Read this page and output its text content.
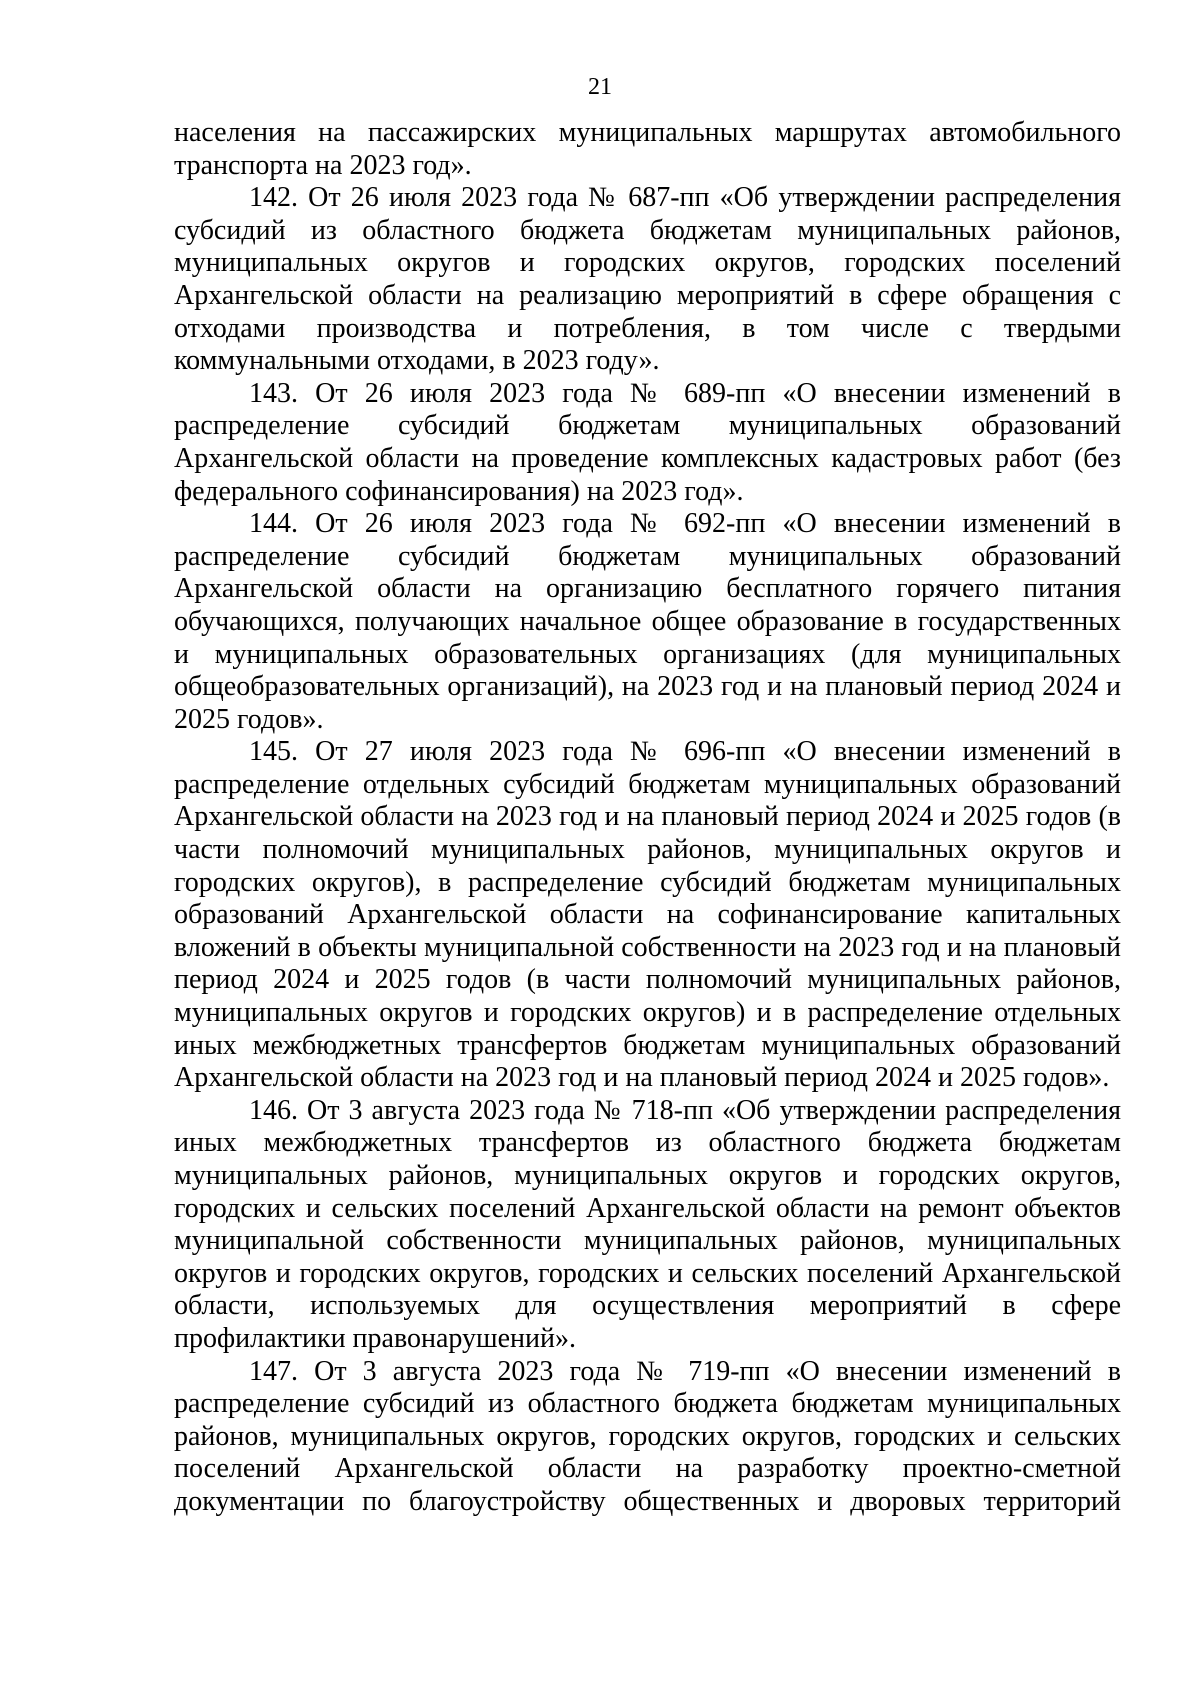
21

населения на пассажирских муниципальных маршрутах автомобильного транспорта на 2023 год».

142. От 26 июля 2023 года № 687-пп «Об утверждении распределения субсидий из областного бюджета бюджетам муниципальных районов, муниципальных округов и городских округов, городских поселений Архангельской области на реализацию мероприятий в сфере обращения с отходами производства и потребления, в том числе с твердыми коммунальными отходами, в 2023 году».

143. От 26 июля 2023 года № 689-пп «О внесении изменений в распределение субсидий бюджетам муниципальных образований Архангельской области на проведение комплексных кадастровых работ (без федерального софинансирования) на 2023 год».

144. От 26 июля 2023 года № 692-пп «О внесении изменений в распределение субсидий бюджетам муниципальных образований Архангельской области на организацию бесплатного горячего питания обучающихся, получающих начальное общее образование в государственных и муниципальных образовательных организациях (для муниципальных общеобразовательных организаций), на 2023 год и на плановый период 2024 и 2025 годов».

145. От 27 июля 2023 года № 696-пп «О внесении изменений в распределение отдельных субсидий бюджетам муниципальных образований Архангельской области на 2023 год и на плановый период 2024 и 2025 годов (в части полномочий муниципальных районов, муниципальных округов и городских округов), в распределение субсидий бюджетам муниципальных образований Архангельской области на софинансирование капитальных вложений в объекты муниципальной собственности на 2023 год и на плановый период 2024 и 2025 годов (в части полномочий муниципальных районов, муниципальных округов и городских округов) и в распределение отдельных иных межбюджетных трансфертов бюджетам муниципальных образований Архангельской области на 2023 год и на плановый период 2024 и 2025 годов».

146. От 3 августа 2023 года № 718-пп «Об утверждении распределения иных межбюджетных трансфертов из областного бюджета бюджетам муниципальных районов, муниципальных округов и городских округов, городских и сельских поселений Архангельской области на ремонт объектов муниципальной собственности муниципальных районов, муниципальных округов и городских округов, городских и сельских поселений Архангельской области, используемых для осуществления мероприятий в сфере профилактики правонарушений».

147. От 3 августа 2023 года № 719-пп «О внесении изменений в распределение субсидий из областного бюджета бюджетам муниципальных районов, муниципальных округов, городских округов, городских и сельских поселений Архангельской области на разработку проектно-сметной документации по благоустройству общественных и дворовых территорий
